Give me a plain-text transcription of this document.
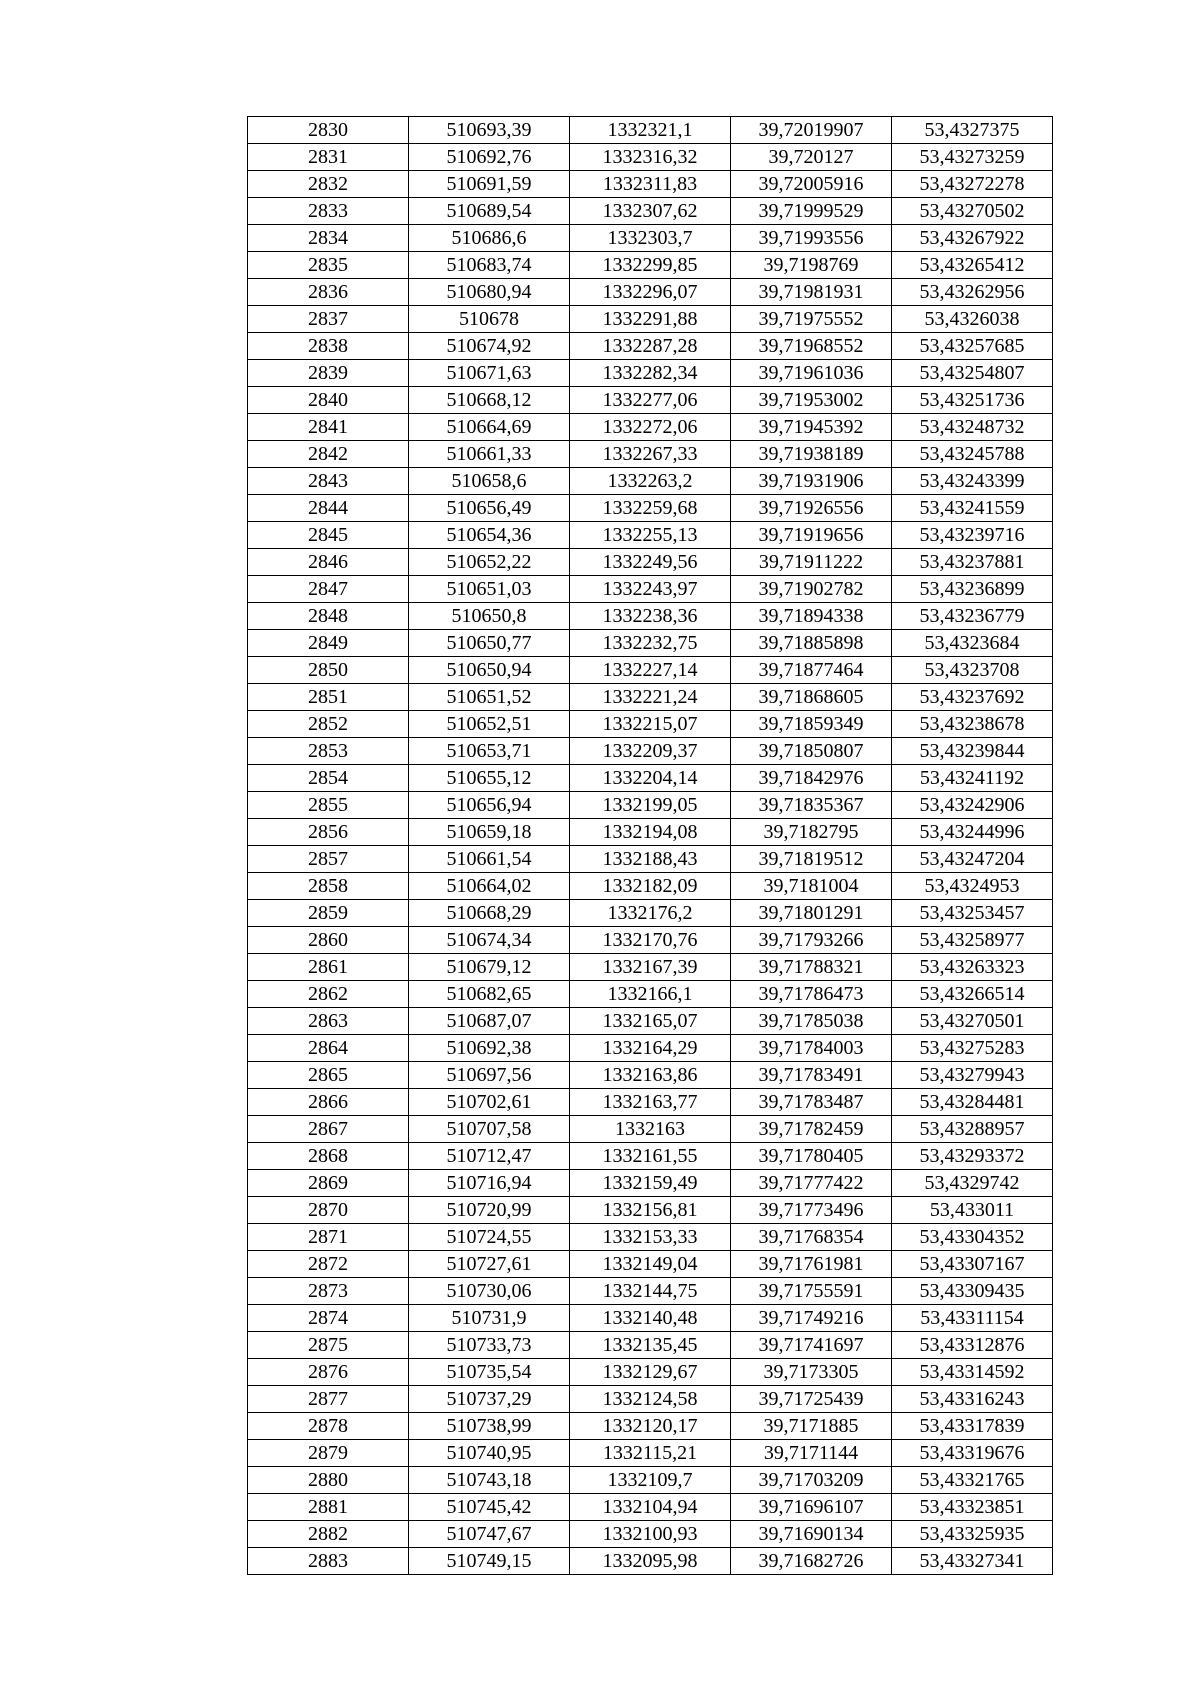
2830	510693,39	1332321,1	39,72019907	53,4327375
2831	510692,76	1332316,32	39,720127	53,43273259
2832	510691,59	1332311,83	39,72005916	53,43272278
2833	510689,54	1332307,62	39,71999529	53,43270502
2834	510686,6	1332303,7	39,71993556	53,43267922
2835	510683,74	1332299,85	39,7198769	53,43265412
2836	510680,94	1332296,07	39,71981931	53,43262956
2837	510678	1332291,88	39,71975552	53,4326038
2838	510674,92	1332287,28	39,71968552	53,43257685
2839	510671,63	1332282,34	39,71961036	53,43254807
2840	510668,12	1332277,06	39,71953002	53,43251736
2841	510664,69	1332272,06	39,71945392	53,43248732
2842	510661,33	1332267,33	39,71938189	53,43245788
2843	510658,6	1332263,2	39,71931906	53,43243399
2844	510656,49	1332259,68	39,71926556	53,43241559
2845	510654,36	1332255,13	39,71919656	53,43239716
2846	510652,22	1332249,56	39,71911222	53,43237881
2847	510651,03	1332243,97	39,71902782	53,43236899
2848	510650,8	1332238,36	39,71894338	53,43236779
2849	510650,77	1332232,75	39,71885898	53,4323684
2850	510650,94	1332227,14	39,71877464	53,4323708
2851	510651,52	1332221,24	39,71868605	53,43237692
2852	510652,51	1332215,07	39,71859349	53,43238678
2853	510653,71	1332209,37	39,71850807	53,43239844
2854	510655,12	1332204,14	39,71842976	53,43241192
2855	510656,94	1332199,05	39,71835367	53,43242906
2856	510659,18	1332194,08	39,7182795	53,43244996
2857	510661,54	1332188,43	39,71819512	53,43247204
2858	510664,02	1332182,09	39,7181004	53,4324953
2859	510668,29	1332176,2	39,71801291	53,43253457
2860	510674,34	1332170,76	39,71793266	53,43258977
2861	510679,12	1332167,39	39,71788321	53,43263323
2862	510682,65	1332166,1	39,71786473	53,43266514
2863	510687,07	1332165,07	39,71785038	53,43270501
2864	510692,38	1332164,29	39,71784003	53,43275283
2865	510697,56	1332163,86	39,71783491	53,43279943
2866	510702,61	1332163,77	39,71783487	53,43284481
2867	510707,58	1332163	39,71782459	53,43288957
2868	510712,47	1332161,55	39,71780405	53,43293372
2869	510716,94	1332159,49	39,71777422	53,4329742
2870	510720,99	1332156,81	39,71773496	53,433011
2871	510724,55	1332153,33	39,71768354	53,43304352
2872	510727,61	1332149,04	39,71761981	53,43307167
2873	510730,06	1332144,75	39,71755591	53,43309435
2874	510731,9	1332140,48	39,71749216	53,43311154
2875	510733,73	1332135,45	39,71741697	53,43312876
2876	510735,54	1332129,67	39,7173305	53,43314592
2877	510737,29	1332124,58	39,71725439	53,43316243
2878	510738,99	1332120,17	39,7171885	53,43317839
2879	510740,95	1332115,21	39,7171144	53,43319676
2880	510743,18	1332109,7	39,71703209	53,43321765
2881	510745,42	1332104,94	39,71696107	53,43323851
2882	510747,67	1332100,93	39,71690134	53,43325935
2883	510749,15	1332095,98	39,71682726	53,43327341
